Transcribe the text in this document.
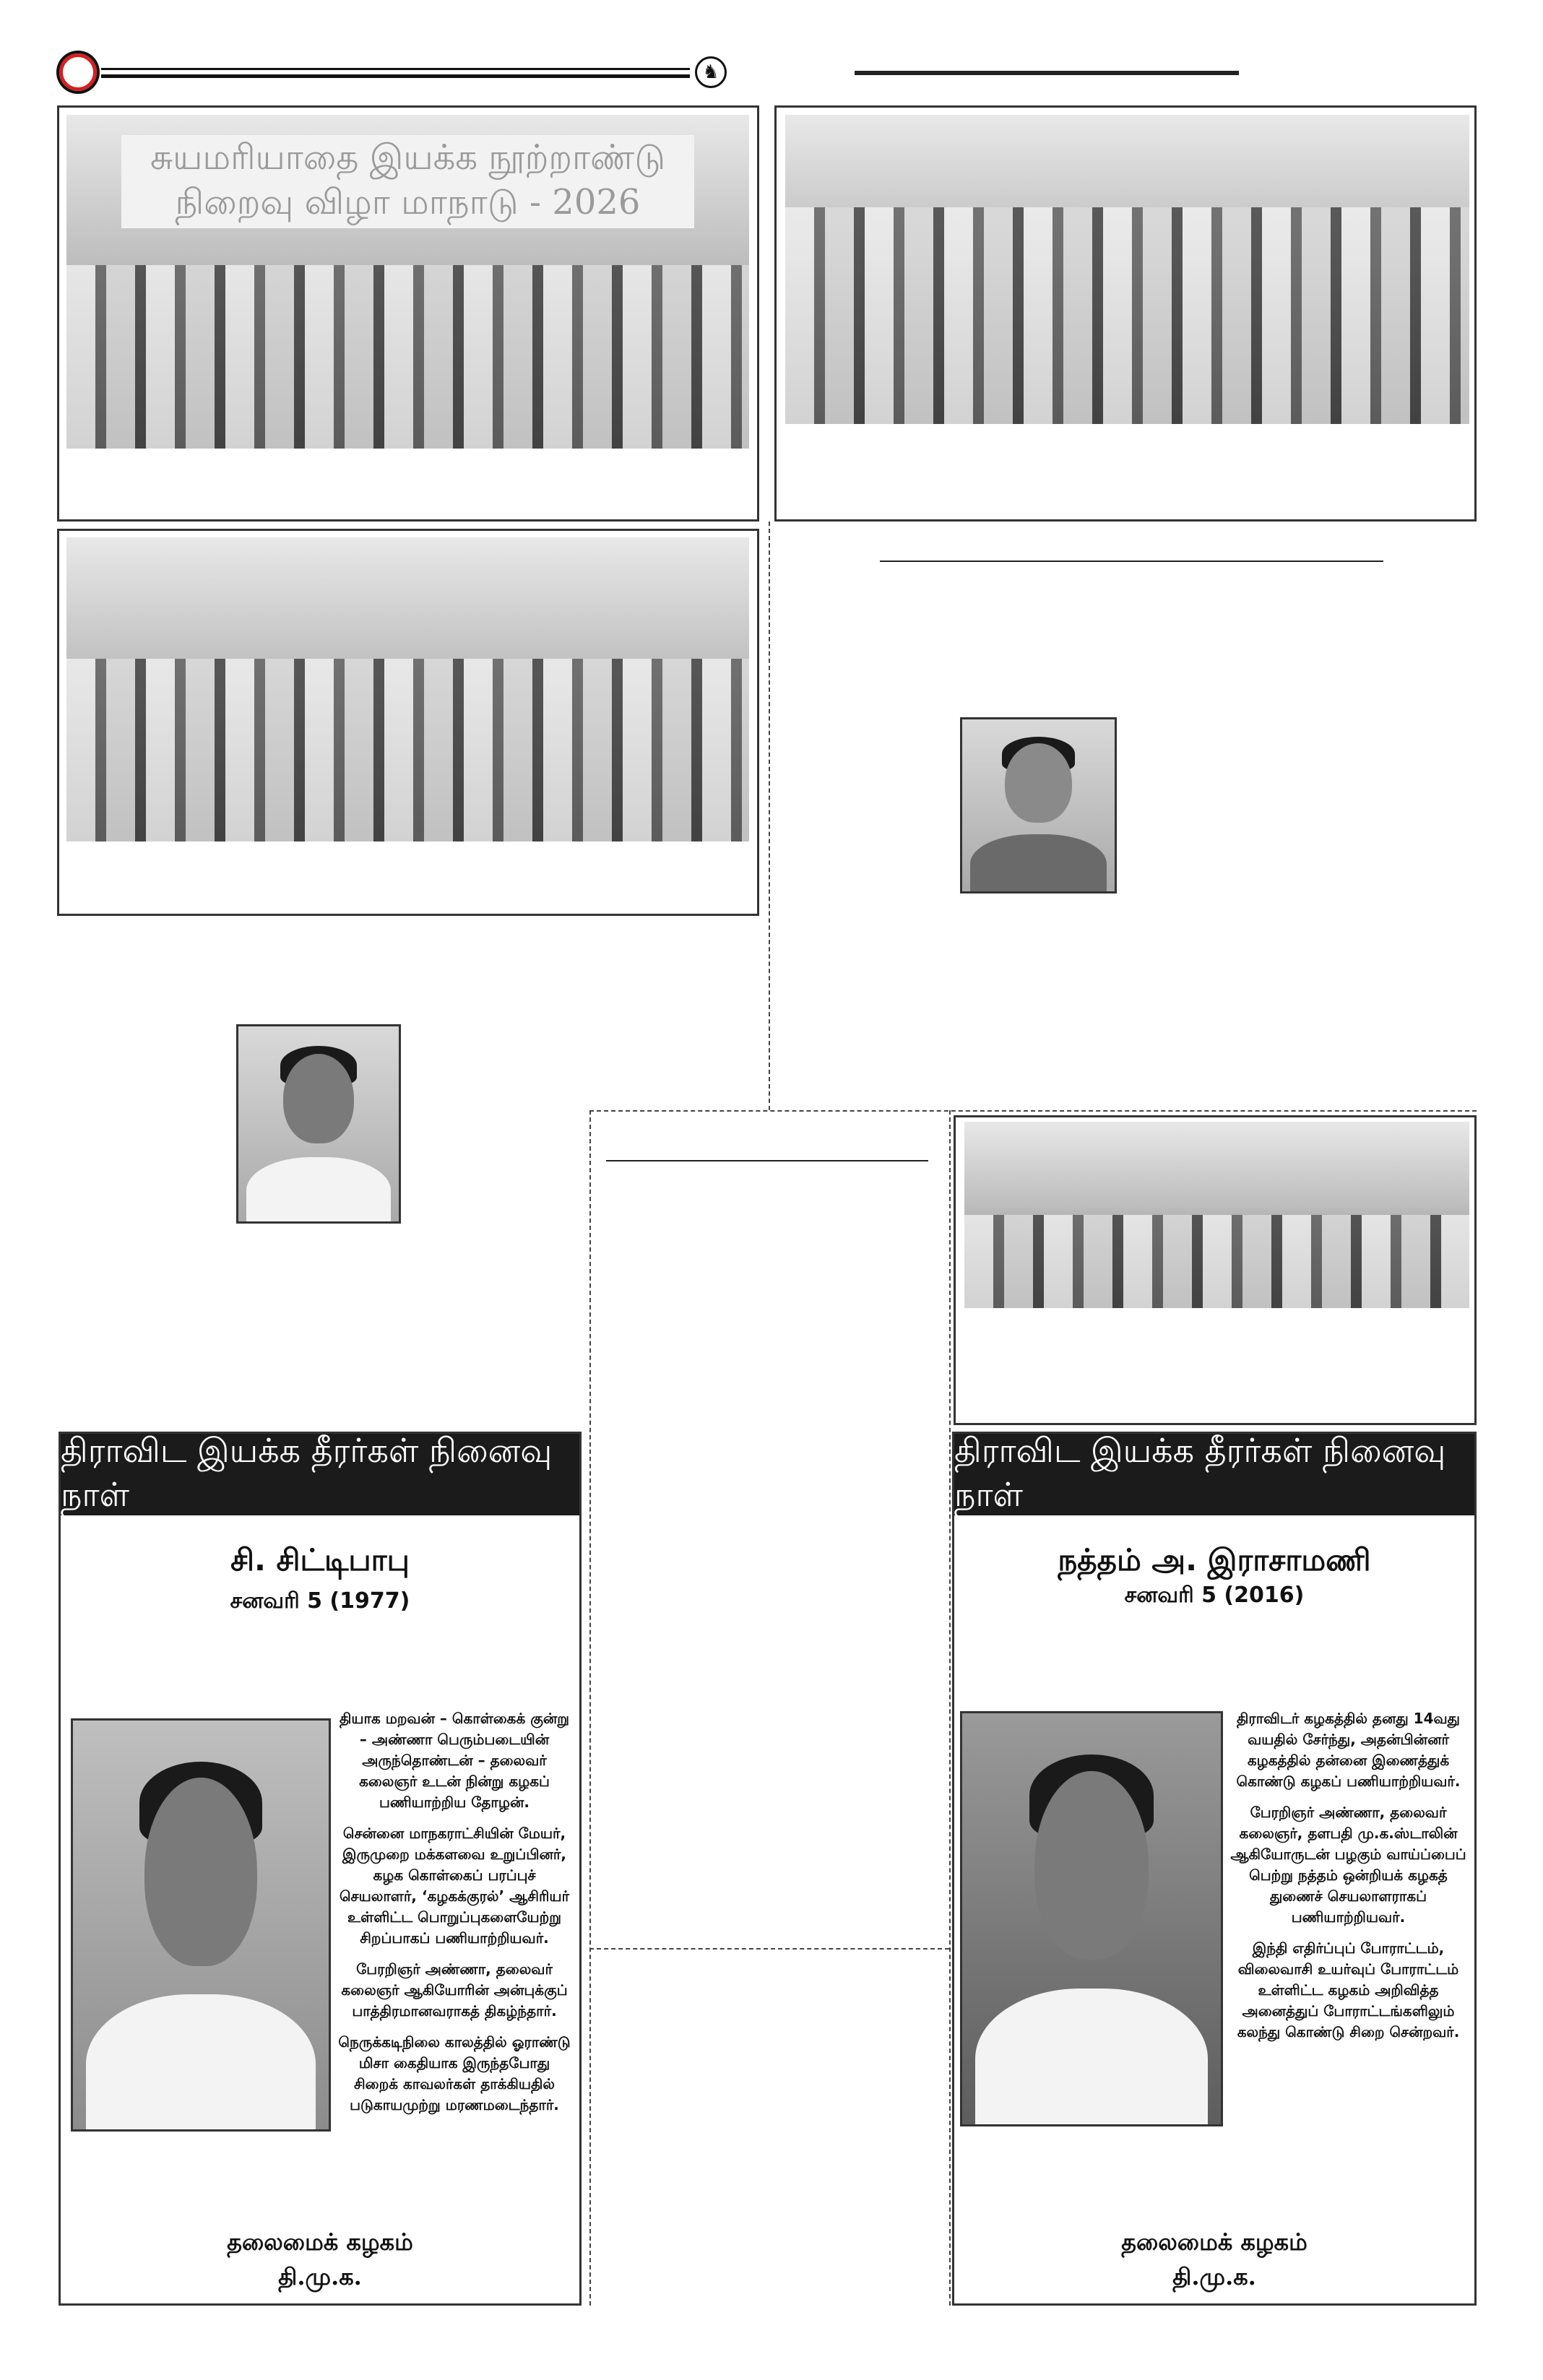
♞
சுயமரியாதை இயக்க நூற்றாண்டு நிறைவு விழா மாநாடு - 2026
திராவிட இயக்க தீரர்கள் நினைவு நாள்
சி. சிட்டிபாபு
சனவரி 5 (1977)

தியாக மறவன் – கொள்கைக் குன்று – அண்ணா பெரும்படையின் அருந்தொண்டன் – தலைவர் கலைஞர் உடன் நின்று கழகப் பணியாற்றிய தோழன்.

சென்னை மாநகராட்சியின் மேயர், இருமுறை மக்களவை உறுப்பினர், கழக கொள்கைப் பரப்புச் செயலாளர், ‘கழகக்குரல்’ ஆசிரியர் உள்ளிட்ட பொறுப்புகளையேற்று சிறப்பாகப் பணியாற்றியவர்.

பேரறிஞர் அண்ணா, தலைவர் கலைஞர் ஆகியோரின் அன்புக்குப் பாத்திரமானவராகத் திகழ்ந்தார்.

நெருக்கடிநிலை காலத்தில் ஓராண்டு மிசா கைதியாக இருந்தபோது சிறைக் காவலர்கள் தாக்கியதில் படுகாயமுற்று மரணமடைந்தார்.

தலைமைக் கழகம்
தி.மு.க.
திராவிட இயக்க தீரர்கள் நினைவு நாள்
நத்தம் அ. இராசாமணி
சனவரி 5 (2016)

திராவிடர் கழகத்தில் தனது 14வது வயதில் சேர்ந்து, அதன்பின்னர் கழகத்தில் தன்னை இணைத்துக் கொண்டு கழகப் பணியாற்றியவர்.

பேரறிஞர் அண்ணா, தலைவர் கலைஞர், தளபதி மு.க.ஸ்டாலின் ஆகியோருடன் பழகும் வாய்ப்பைப் பெற்று நத்தம் ஒன்றியக் கழகத் துணைச் செயலாளராகப் பணியாற்றியவர்.

இந்தி எதிர்ப்புப் போராட்டம், விலைவாசி உயர்வுப் போராட்டம் உள்ளிட்ட கழகம் அறிவித்த அனைத்துப் போராட்டங்களிலும் கலந்து கொண்டு சிறை சென்றவர்.

தலைமைக் கழகம்
தி.மு.க.
